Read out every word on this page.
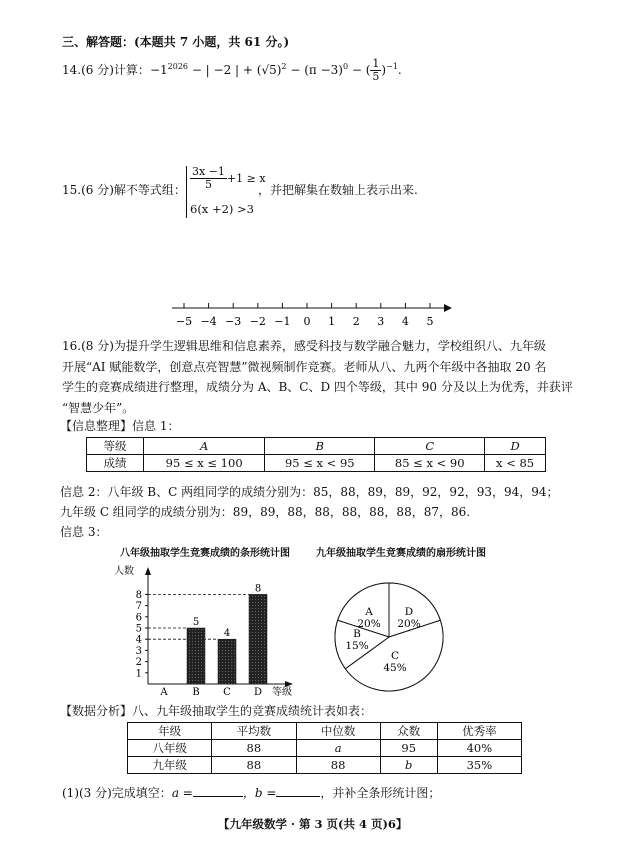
三、解答题：(本题共 7 小题，共 61 分。)
14.(6 分)计算：$-1^{2026}$ − | −2 | + $(√5)^2 - (\pi -3)^0$ − ( $\frac{1}{5} )^{-1}$.
15.(6 分)解不等式组： $\frac{3x -1}{5} +1 \ge x$
6(x +2) >3
，并把解集在数轴上表示出来.
−5 −4 −3 −2 −1 0 1 2 3 4 5
16.(8 分)为提升学生逻辑思维和信息素养，感受科技与数学融合魅力，学校组织八、九年级
开展“AI 赋能数学，创意点亮智慧”微视频制作竞赛。老师从八、九两个年级中各抽取 20 名
学生的竞赛成绩进行整理，成绩分为 A、B、C、D 四个等级，其中 90 分及以上为优秀，并获评
“智慧少年”。
【信息整理】信息 1：
等级	A	B	C	D
成绩	95 ≤ x ≤ 100	95 ≤ x < 95	85 ≤ x < 90	x < 85
信息 2：八年级 B、C 两组同学的成绩分别为：85，88，89，89，92，92，93，94，94；
九年级 C 组同学的成绩分别为：89，89，88，88，88，88，88，87，86.
信息 3：
八年级抽取学生竞赛成绩的条形统计图	九年级抽取学生竞赛成绩的扇形统计图
人数
等级
1
2
3
4
5
6
7
8
A B
5
C
4
D
8
A
20%
D
20%
C
45%
B
15%
【数据分析】八、九年级抽取学生的竞赛成绩统计表如表：
年级	平均数	中位数	众数	优秀率
八年级	88	a	95	40%
九年级	88	88	b	35%
(1)(3 分)完成填空：a =	，b =	，并补全条形统计图；
【九年级数学 · 第 3 页(共 4 页)6】
